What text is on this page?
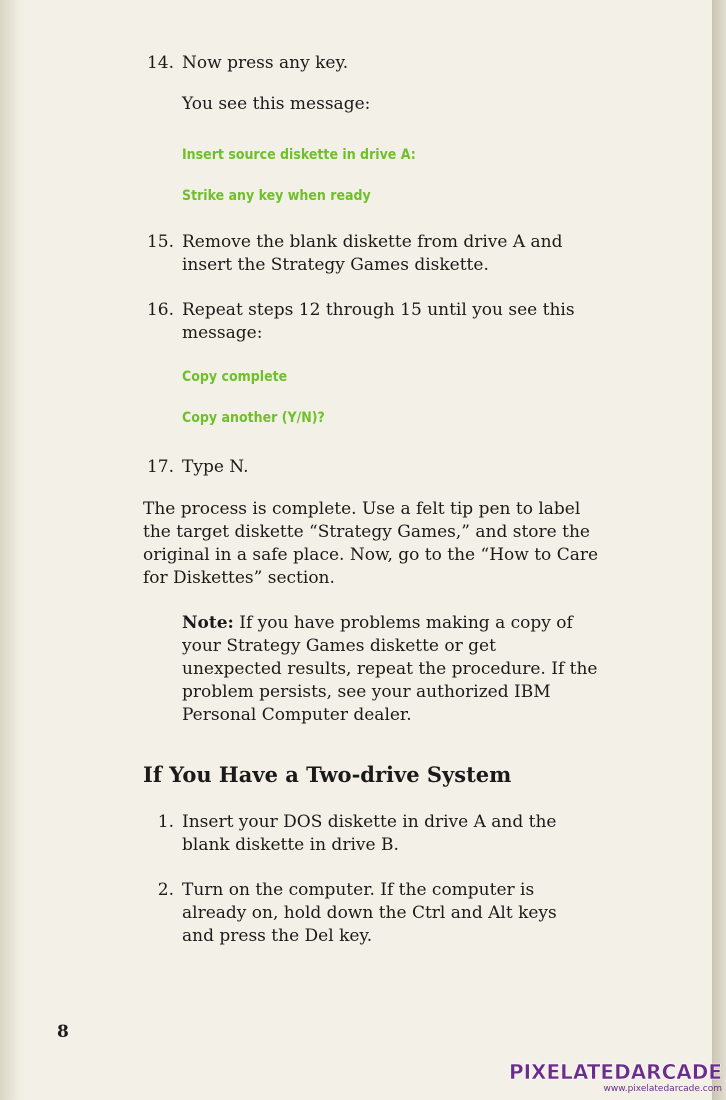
14. Now press any key.
You see this message:
Insert source diskette in drive A:
Strike any key when ready
15. Remove the blank diskette from drive A and
insert the Strategy Games diskette.
16. Repeat steps 12 through 15 until you see this
message:
Copy complete
Copy another (Y/N)?
17. Type N.
The process is complete. Use a felt tip pen to label
the target diskette “Strategy Games,” and store the
original in a safe place. Now, go to the “How to Care
for Diskettes” section.
Note: If you have problems making a copy of
your Strategy Games diskette or get
unexpected results, repeat the procedure. If the
problem persists, see your authorized IBM
Personal Computer dealer.
If You Have a Two-drive System
1. Insert your DOS diskette in drive A and the
blank diskette in drive B.
2. Turn on the computer. If the computer is
already on, hold down the Ctrl and Alt keys
and press the Del key.
8
PIXELATEDARCADE
www.pixelatedarcade.com
